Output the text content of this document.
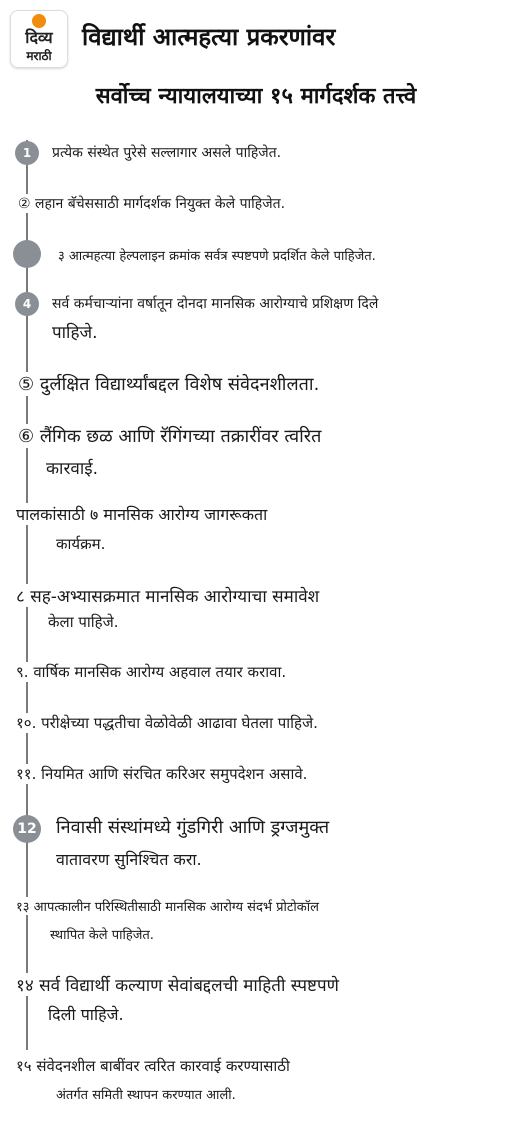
दिव्य
मराठी
विद्यार्थी आत्महत्या प्रकरणांवर
सर्वोच्च न्यायालयाच्या १५ मार्गदर्शक तत्त्वे
1	प्रत्येक संस्थेत पुरेसे सल्लागार असले पाहिजेत.
② लहान बॅचेससाठी मार्गदर्शक नियुक्त केले पाहिजेत.
३ आत्महत्या हेल्पलाइन क्रमांक सर्वत्र स्पष्टपणे प्रदर्शित केले पाहिजेत.
4	सर्व कर्मचाऱ्यांना वर्षातून दोनदा मानसिक आरोग्याचे प्रशिक्षण दिले
पाहिजे.
⑤ दुर्लक्षित विद्यार्थ्यांबद्दल विशेष संवेदनशीलता.
⑥ लैंगिक छळ आणि रॅगिंगच्या तक्रारींवर त्वरित
कारवाई.
पालकांसाठी ७ मानसिक आरोग्य जागरूकता
कार्यक्रम.
८ सह-अभ्यासक्रमात मानसिक आरोग्याचा समावेश
केला पाहिजे.
९. वार्षिक मानसिक आरोग्य अहवाल तयार करावा.
१०. परीक्षेच्या पद्धतीचा वेळोवेळी आढावा घेतला पाहिजे.
११. नियमित आणि संरचित करिअर समुपदेशन असावे.
12 निवासी संस्थांमध्ये गुंडगिरी आणि ड्रग्जमुक्त
वातावरण सुनिश्चित करा.
१३ आपत्कालीन परिस्थितीसाठी मानसिक आरोग्य संदर्भ प्रोटोकॉल
स्थापित केले पाहिजेत.
१४ सर्व विद्यार्थी कल्याण सेवांबद्दलची माहिती स्पष्टपणे
दिली पाहिजे.
१५ संवेदनशील बाबींवर त्वरित कारवाई करण्यासाठी
अंतर्गत समिती स्थापन करण्यात आली.
